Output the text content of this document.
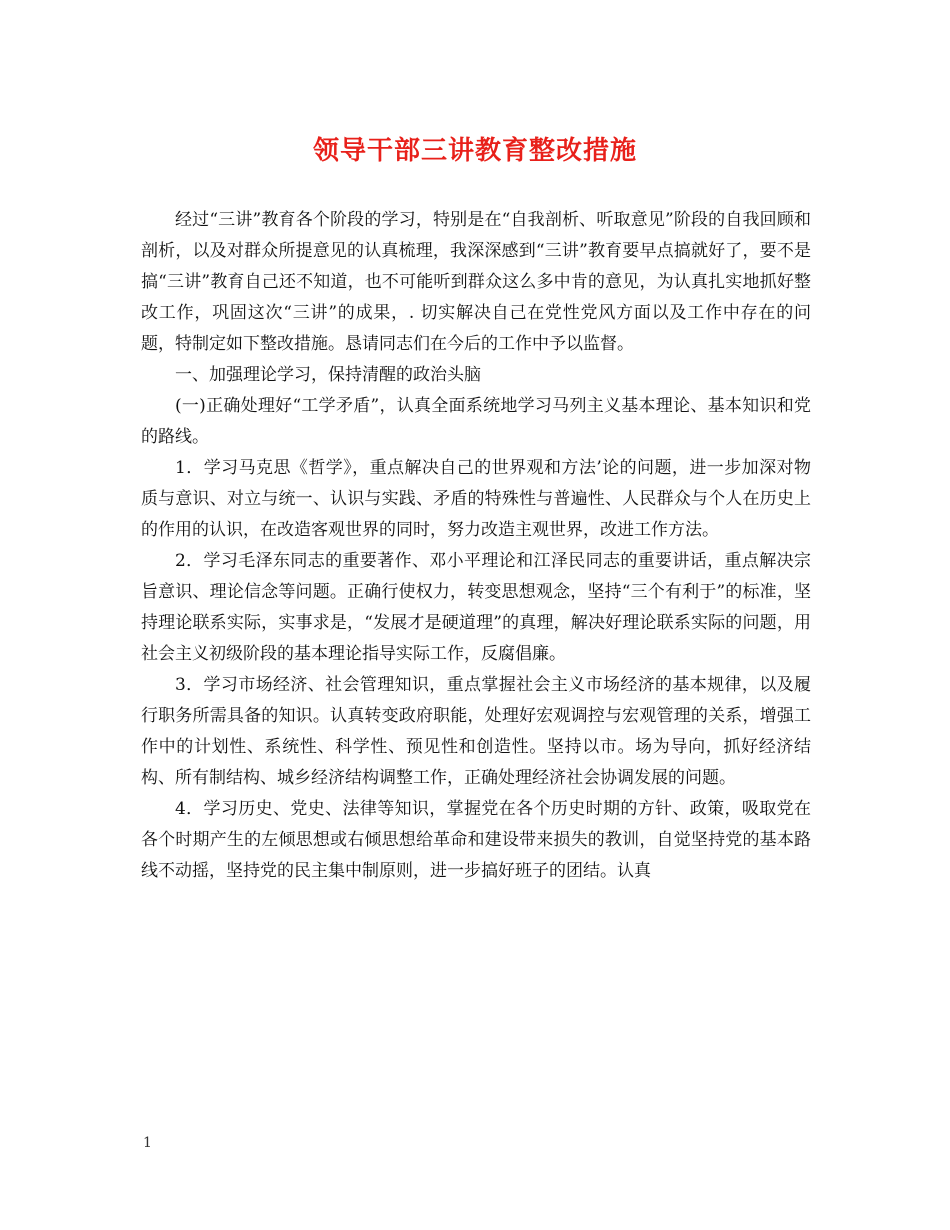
领导干部三讲教育整改措施

经过“三讲”教育各个阶段的学习，特别是在“自我剖析、听取意见”阶段的自我回顾和剖析，以及对群众所提意见的认真梳理，我深深感到“三讲”教育要早点搞就好了，要不是搞“三讲”教育自己还不知道，也不可能听到群众这么多中肯的意见，为认真扎实地抓好整改工作，巩固这次“三讲”的成果，. 切实解决自己在党性党风方面以及工作中存在的问题，特制定如下整改措施。恳请同志们在今后的工作中予以监督。

一、加强理论学习，保持清醒的政治头脑

(一)正确处理好“工学矛盾”，认真全面系统地学习马列主义基本理论、基本知识和党的路线。

1．学习马克思《哲学》，重点解决自己的世界观和方法’论的问题，进一步加深对物质与意识、对立与统一、认识与实践、矛盾的特殊性与普遍性、人民群众与个人在历史上的作用的认识，在改造客观世界的同时，努力改造主观世界，改进工作方法。

2．学习毛泽东同志的重要著作、邓小平理论和江泽民同志的重要讲话，重点解决宗旨意识、理论信念等问题。正确行使权力，转变思想观念，坚持“三个有利于”的标准，坚持理论联系实际，实事求是，“发展才是硬道理”的真理，解决好理论联系实际的问题，用社会主义初级阶段的基本理论指导实际工作，反腐倡廉。

3．学习市场经济、社会管理知识，重点掌握社会主义市场经济的基本规律，以及履行职务所需具备的知识。认真转变政府职能，处理好宏观调控与宏观管理的关系，增强工作中的计划性、系统性、科学性、预见性和创造性。坚持以市。场为导向，抓好经济结构、所有制结构、城乡经济结构调整工作，正确处理经济社会协调发展的问题。

4．学习历史、党史、法律等知识，掌握党在各个历史时期的方针、政策，吸取党在各个时期产生的左倾思想或右倾思想给革命和建设带来损失的教训，自觉坚持党的基本路线不动摇，坚持党的民主集中制原则，进一步搞好班子的团结。认真

1
